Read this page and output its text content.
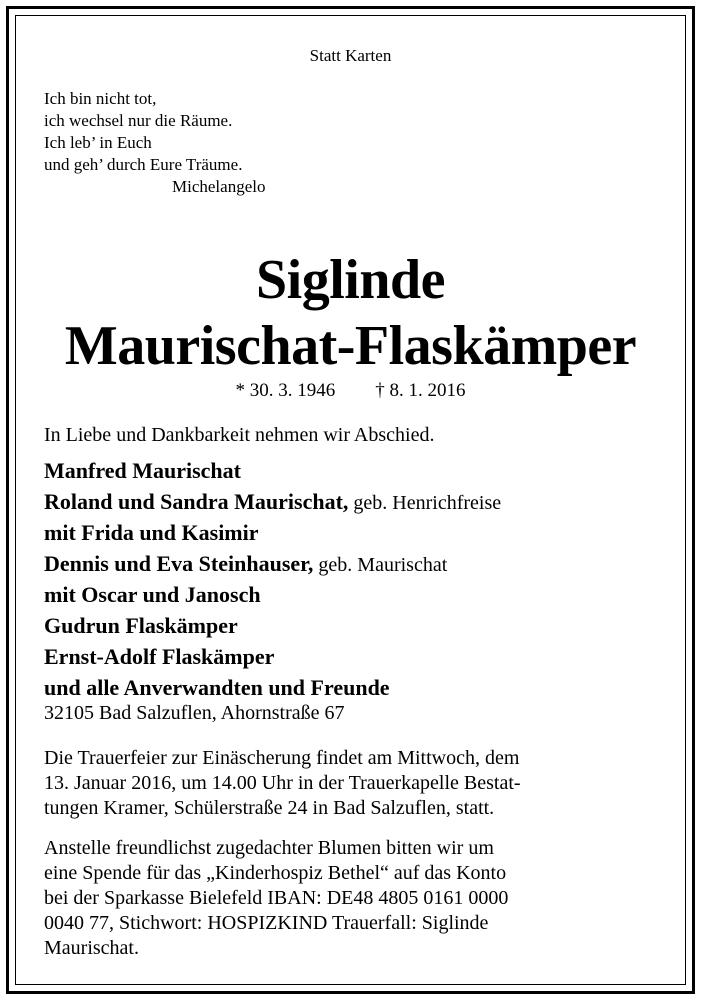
Statt Karten
Ich bin nicht tot,
ich wechsel nur die Räume.
Ich leb’ in Euch
und geh’ durch Eure Träume.
Michelangelo
Siglinde
Maurischat-Flaskämper
* 30. 3. 1946 † 8. 1. 2016
In Liebe und Dankbarkeit nehmen wir Abschied.
Manfred Maurischat
Roland und Sandra Maurischat, geb. Henrichfreise
mit Frida und Kasimir
Dennis und Eva Steinhauser, geb. Maurischat
mit Oscar und Janosch
Gudrun Flaskämper
Ernst-Adolf Flaskämper
und alle Anverwandten und Freunde
32105 Bad Salzuflen, Ahornstraße 67
Die Trauerfeier zur Einäscherung findet am Mittwoch, dem
13. Januar 2016, um 14.00 Uhr in der Trauerkapelle Bestat-
tungen Kramer, Schülerstraße 24 in Bad Salzuflen, statt.
Anstelle freundlichst zugedachter Blumen bitten wir um
eine Spende für das „Kinderhospiz Bethel“ auf das Konto
bei der Sparkasse Bielefeld IBAN: DE48 4805 0161 0000
0040 77, Stichwort: HOSPIZKIND Trauerfall: Siglinde
Maurischat.
